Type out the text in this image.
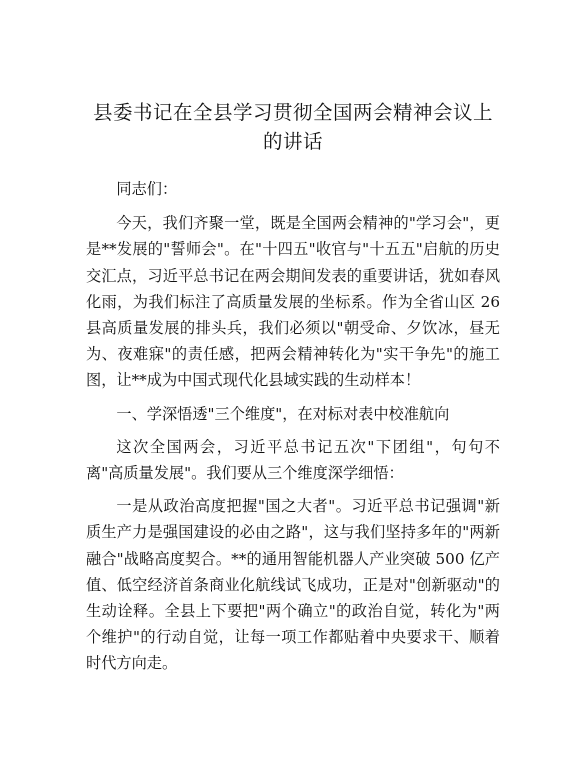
县委书记在全县学习贯彻全国两会精神会议上
的讲话

同志们：

今天，我们齐聚一堂，既是全国两会精神的"学习会"，更是**发展的"誓师会"。在"十四五"收官与"十五五"启航的历史交汇点，习近平总书记在两会期间发表的重要讲话，犹如春风化雨，为我们标注了高质量发展的坐标系。作为全省山区 26 县高质量发展的排头兵，我们必须以"朝受命、夕饮冰，昼无为、夜难寐"的责任感，把两会精神转化为"实干争先"的施工图，让**成为中国式现代化县域实践的生动样本！

一、学深悟透"三个维度"，在对标对表中校准航向

这次全国两会，习近平总书记五次"下团组"，句句不离"高质量发展"。我们要从三个维度深学细悟：

一是从政治高度把握"国之大者"。习近平总书记强调"新质生产力是强国建设的必由之路"，这与我们坚持多年的"两新融合"战略高度契合。**的通用智能机器人产业突破 500 亿产值、低空经济首条商业化航线试飞成功，正是对"创新驱动"的生动诠释。全县上下要把"两个确立"的政治自觉，转化为"两个维护"的行动自觉，让每一项工作都贴着中央要求干、顺着时代方向走。
